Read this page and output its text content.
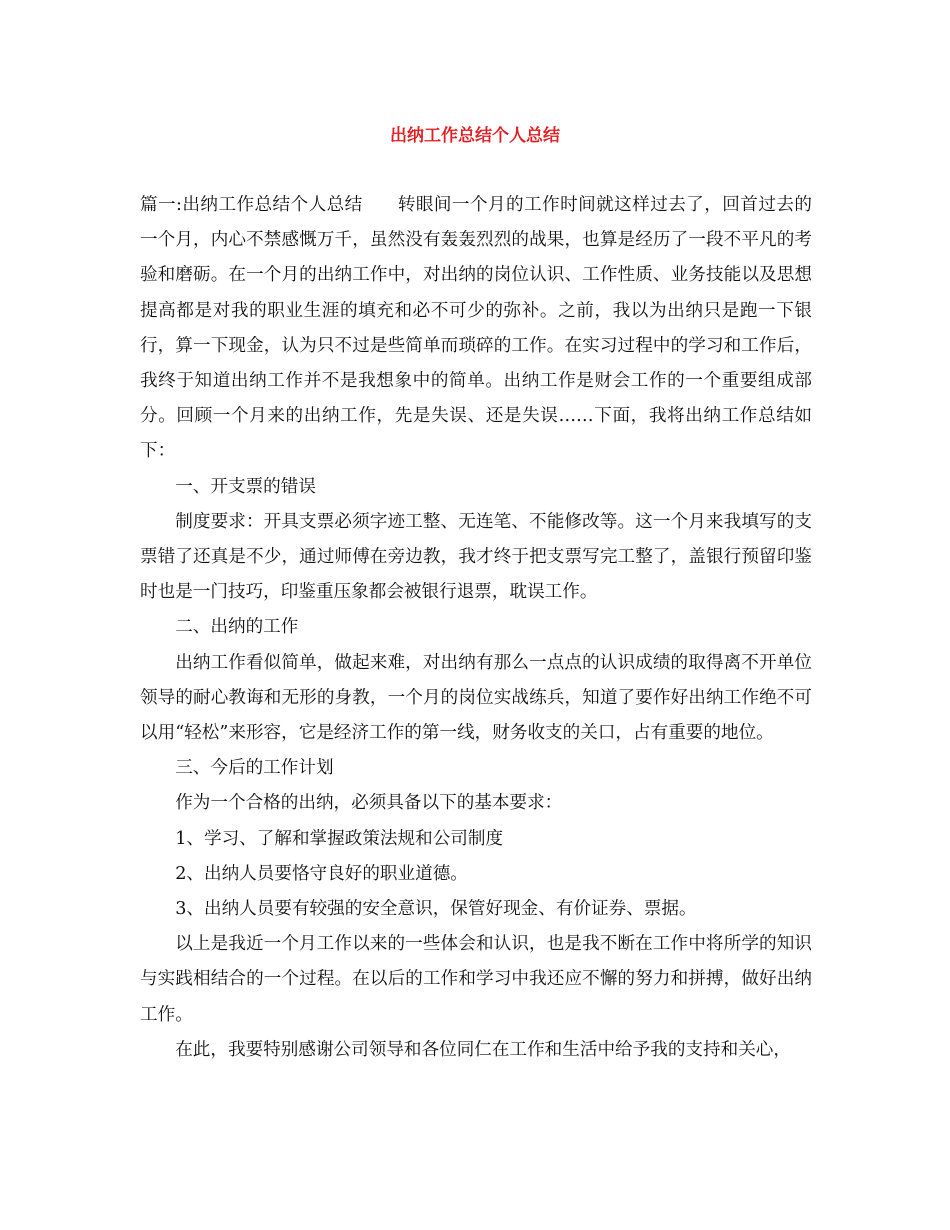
出纳工作总结个人总结

篇一:出纳工作总结个人总结 转眼间一个月的工作时间就这样过去了，回首过去的一个月，内心不禁感慨万千，虽然没有轰轰烈烈的战果，也算是经历了一段不平凡的考验和磨砺。在一个月的出纳工作中，对出纳的岗位认识、工作性质、业务技能以及思想提高都是对我的职业生涯的填充和必不可少的弥补。之前，我以为出纳只是跑一下银行，算一下现金，认为只不过是些简单而琐碎的工作。在实习过程中的学习和工作后，我终于知道出纳工作并不是我想象中的简单。出纳工作是财会工作的一个重要组成部分。回顾一个月来的出纳工作，先是失误、还是失误……下面，我将出纳工作总结如下：

一、开支票的错误

制度要求：开具支票必须字迹工整、无连笔、不能修改等。这一个月来我填写的支票错了还真是不少，通过师傅在旁边教，我才终于把支票写完工整了，盖银行预留印鉴时也是一门技巧，印鉴重压象都会被银行退票，耽误工作。

二、出纳的工作

出纳工作看似简单，做起来难，对出纳有那么一点点的认识成绩的取得离不开单位领导的耐心教诲和无形的身教，一个月的岗位实战练兵，知道了要作好出纳工作绝不可以用“轻松”来形容，它是经济工作的第一线，财务收支的关口，占有重要的地位。

三、今后的工作计划

作为一个合格的出纳，必须具备以下的基本要求：

1、学习、了解和掌握政策法规和公司制度

2、出纳人员要恪守良好的职业道德。

3、出纳人员要有较强的安全意识，保管好现金、有价证券、票据。

以上是我近一个月工作以来的一些体会和认识，也是我不断在工作中将所学的知识与实践相结合的一个过程。在以后的工作和学习中我还应不懈的努力和拼搏，做好出纳工作。

在此，我要特别感谢公司领导和各位同仁在工作和生活中给予我的支持和关心，
